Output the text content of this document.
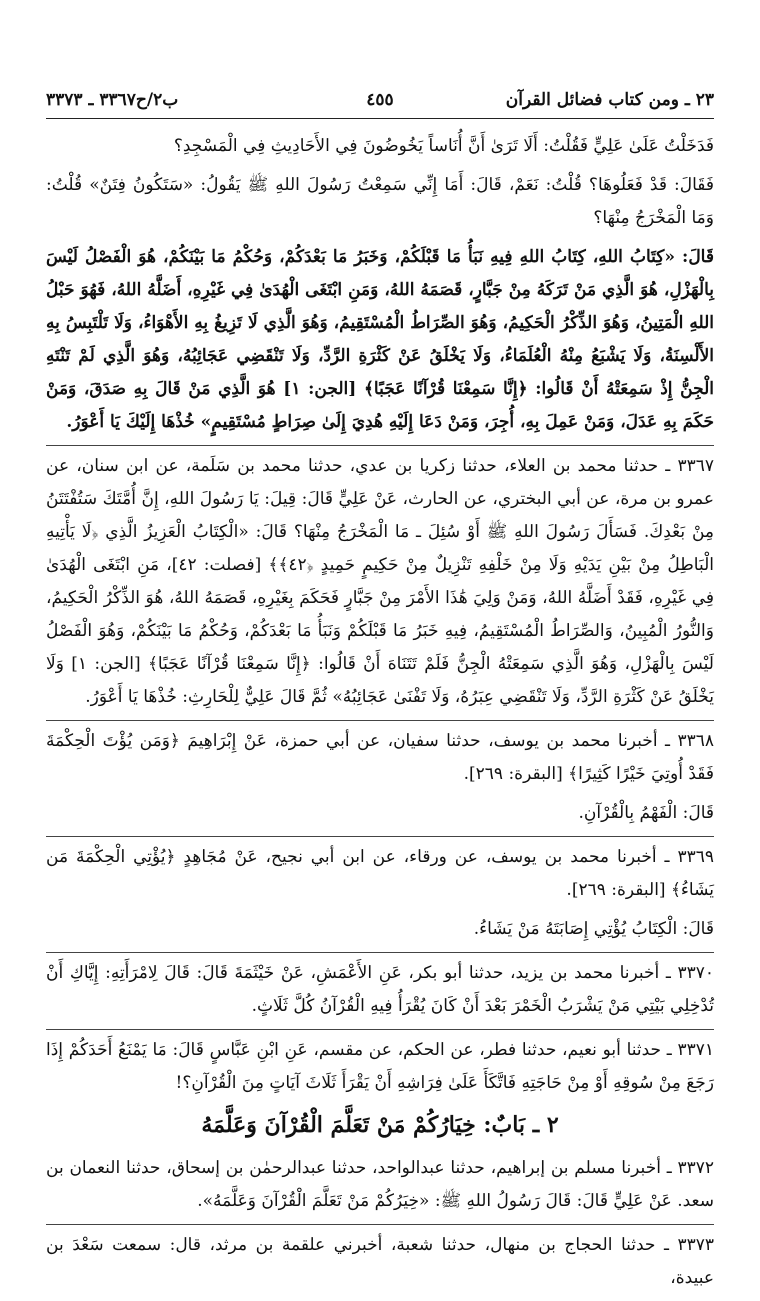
٢٣ ـ ومن كتاب فضائل القرآن
٤٥٥
ب٢/ح٣٣٦٧ ـ ٣٣٧٣

فَدَخَلْتُ عَلَىٰ عَلِيٍّ فَقُلْتُ: أَلَا تَرَىٰ أَنَّ أُنَاساً يَخُوضُونَ فِي الأَحَادِيثِ فِي الْمَسْجِدِ؟

فَقَالَ: قَدْ فَعَلُوهَا؟ قُلْتُ: نَعَمْ، قَالَ: أَمَا إِنِّي سَمِعْتُ رَسُولَ اللهِ ﷺ يَقُولُ: «سَتَكُونُ فِتَنٌ» قُلْتُ: وَمَا الْمَخْرَجُ مِنْهَا؟

قَالَ: «كِتَابُ اللهِ، كِتَابُ اللهِ فِيهِ نَبَأُ مَا قَبْلَكُمْ، وَخَبَرُ مَا بَعْدَكُمْ، وَحُكْمُ مَا بَيْنَكُمْ، هُوَ الْفَصْلُ لَيْسَ بِالْهَزْلِ، هُوَ الَّذِي مَنْ تَرَكَهُ مِنْ جَبَّارٍ، قَصَمَهُ اللهُ، وَمَنِ ابْتَغَى الْهُدَىٰ فِي غَيْرِهِ، أَضَلَّهُ اللهُ، فَهُوَ حَبْلُ اللهِ الْمَتِينُ، وَهُوَ الذِّكْرُ الْحَكِيمُ، وَهُوَ الصِّرَاطُ الْمُسْتَقِيمُ، وَهُوَ الَّذِي لَا تَزِيغُ بِهِ الأَهْوَاءُ، وَلَا تَلْتَبِسُ بِهِ الأَلْسِنَةُ، وَلَا يَشْبَعُ مِنْهُ الْعُلَمَاءُ، وَلَا يَخْلَقُ عَنْ كَثْرَةِ الرَّدِّ، وَلَا تَنْقَضِي عَجَائِبُهُ، وَهُوَ الَّذِي لَمْ تَنْتَهِ الْجِنُّ إِذْ سَمِعَتْهُ أَنْ قَالُوا: ﴿إِنَّا سَمِعْنَا قُرْآنًا عَجَبًا﴾ [الجن: ١] هُوَ الَّذِي مَنْ قَالَ بِهِ صَدَقَ، وَمَنْ حَكَمَ بِهِ عَدَلَ، وَمَنْ عَمِلَ بِهِ، أُجِرَ، وَمَنْ دَعَا إِلَيْهِ هُدِيَ إِلَىٰ صِرَاطٍ مُسْتَقِيمٍ» خُذْهَا إِلَيْكَ يَا أَعْوَرُ.

٣٣٦٧ ـ حدثنا محمد بن العلاء، حدثنا زكريا بن عدي، حدثنا محمد بن سَلَمة، عن ابن سنان، عن عمرو بن مرة، عن أبي البختري، عن الحارث، عَنْ عَلِيٍّ قَالَ: قِيلَ: يَا رَسُولَ اللهِ، إِنَّ أُمَّتَكَ سَتُفْتَتَنُ مِنْ بَعْدِكَ. فَسَأَلَ رَسُولَ اللهِ ﷺ أَوْ سُئِلَ ـ مَا الْمَخْرَجُ مِنْهَا؟ قَالَ: «الْكِتَابُ الْعَزِيزُ الَّذِي ﴿لَا يَأْتِيهِ الْبَاطِلُ مِنْ بَيْنِ يَدَيْهِ وَلَا مِنْ خَلْفِهِ تَنْزِيلٌ مِنْ حَكِيمٍ حَمِيدٍ ﴿٤٢﴾﴾ [فصلت: ٤٢]، مَنِ ابْتَغَى الْهُدَىٰ فِي غَيْرِهِ، فَقَدْ أَضَلَّهُ اللهُ، وَمَنْ وَلِيَ هَٰذَا الأَمْرَ مِنْ جَبَّارٍ فَحَكَمَ بِغَيْرِهِ، قَصَمَهُ اللهُ، هُوَ الذِّكْرُ الْحَكِيمُ، وَالنُّورُ الْمُبِينُ، وَالصِّرَاطُ الْمُسْتَقِيمُ، فِيهِ خَبَرُ مَا قَبْلَكُمْ وَنَبَأُ مَا بَعْدَكُمْ، وَحُكْمُ مَا بَيْنَكُمْ، وَهُوَ الْفَصْلُ لَيْسَ بِالْهَزْلِ، وَهُوَ الَّذِي سَمِعَتْهُ الْجِنُّ فَلَمْ تَتَنَاهَ أَنْ قَالُوا: ﴿إِنَّا سَمِعْنَا قُرْآنًا عَجَبًا﴾ [الجن: ١] وَلَا يَخْلَقُ عَنْ كَثْرَةِ الرَّدِّ، وَلَا تَنْقَضِي عِبَرُهُ، وَلَا تَفْنَىٰ عَجَائِبُهُ» ثُمَّ قَالَ عَلِيٌّ لِلْحَارِثِ: خُذْهَا يَا أَعْوَرُ.

٣٣٦٨ ـ أخبرنا محمد بن يوسف، حدثنا سفيان، عن أبي حمزة، عَنْ إِبْرَاهِيمَ ﴿وَمَن يُؤْتَ الْحِكْمَةَ فَقَدْ أُوتِيَ خَيْرًا كَثِيرًا﴾ [البقرة: ٢٦٩].

قَالَ: الْفَهْمُ بِالْقُرْآنِ.

٣٣٦٩ ـ أخبرنا محمد بن يوسف، عن ورقاء، عن ابن أبي نجيح، عَنْ مُجَاهِدٍ ﴿يُؤْتِي الْحِكْمَةَ مَن يَشَاءُ﴾ [البقرة: ٢٦٩].

قَالَ: الْكِتَابُ يُؤْتِي إِصَابَتَهُ مَنْ يَشَاءُ.

٣٣٧٠ ـ أخبرنا محمد بن يزيد، حدثنا أبو بكر، عَنِ الأَعْمَشِ، عَنْ خَيْثَمَةَ قَالَ: قَالَ لِامْرَأَتِهِ: إِيَّاكِ أَنْ تُدْخِلِي بَيْتِي مَنْ يَشْرَبُ الْخَمْرَ بَعْدَ أَنْ كَانَ يُقْرَأُ فِيهِ الْقُرْآنُ كُلَّ ثَلَاثٍ.

٣٣٧١ ـ حدثنا أبو نعيم، حدثنا فطر، عن الحكم، عن مقسم، عَنِ ابْنِ عَبَّاسٍ قَالَ: مَا يَمْنَعُ أَحَدَكُمْ إِذَا رَجَعَ مِنْ سُوقِهِ أَوْ مِنْ حَاجَتِهِ فَاتَّكَأَ عَلَىٰ فِرَاشِهِ أَنْ يَقْرَأَ ثَلَاثَ آيَاتٍ مِنَ الْقُرْآنِ؟!

٢ ـ بَابٌ: خِيَارُكُمْ مَنْ تَعَلَّمَ الْقُرْآنَ وَعَلَّمَهُ

٣٣٧٢ ـ أخبرنا مسلم بن إبراهيم، حدثنا عبدالواحد، حدثنا عبدالرحمٰن بن إسحاق، حدثنا النعمان بن سعد. عَنْ عَلِيٍّ قَالَ: قَالَ رَسُولُ اللهِ ﷺ: «خِيَرُكُمْ مَنْ تَعَلَّمَ الْقُرْآنَ وَعَلَّمَهُ».

٣٣٧٣ ـ حدثنا الحجاج بن منهال، حدثنا شعبة، أخبرني علقمة بن مرثد، قال: سمعت سَعْدَ بن عبيدة،
